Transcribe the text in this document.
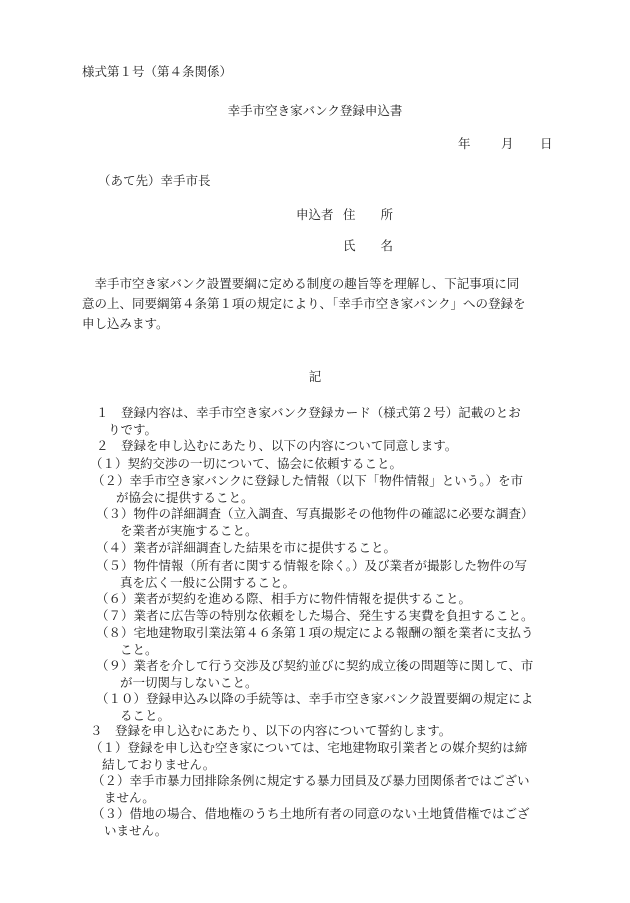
様式第１号（第４条関係）
幸手市空き家バンク登録申込書
年 月 日
（あて先）幸手市長
申込者 住　　所
氏　　名
　幸手市空き家バンク設置要綱に定める制度の趣旨等を理解し、下記事項に同
意の上、同要綱第４条第１項の規定により、「幸手市空き家バンク」への登録を
申し込みます。
記
１　登録内容は、幸手市空き家バンク登録カード（様式第２号）記載のとお
りです。
２　登録を申し込むにあたり、以下の内容について同意します。
（１）契約交渉の一切について、協会に依頼すること。
（２）幸手市空き家バンクに登録した情報（以下「物件情報」という。）を市
が協会に提供すること。
（３）物件の詳細調査（立入調査、写真撮影その他物件の確認に必要な調査）
を業者が実施すること。
（４）業者が詳細調査した結果を市に提供すること。
（５）物件情報（所有者に関する情報を除く。）及び業者が撮影した物件の写
真を広く一般に公開すること。
（６）業者が契約を進める際、相手方に物件情報を提供すること。
（７）業者に広告等の特別な依頼をした場合、発生する実費を負担すること。
（８）宅地建物取引業法第４６条第１項の規定による報酬の額を業者に支払う
こと。
（９）業者を介して行う交渉及び契約並びに契約成立後の問題等に関して、市
が一切関与しないこと。
（１０）登録申込み以降の手続等は、幸手市空き家バンク設置要綱の規定によ
ること。
３　登録を申し込むにあたり、以下の内容について誓約します。
（１）登録を申し込む空き家については、宅地建物取引業者との媒介契約は締
結しておりません。
（２）幸手市暴力団排除条例に規定する暴力団員及び暴力団関係者ではござい
ません。
（３）借地の場合、借地権のうち土地所有者の同意のない土地賃借権ではござ
いません。
